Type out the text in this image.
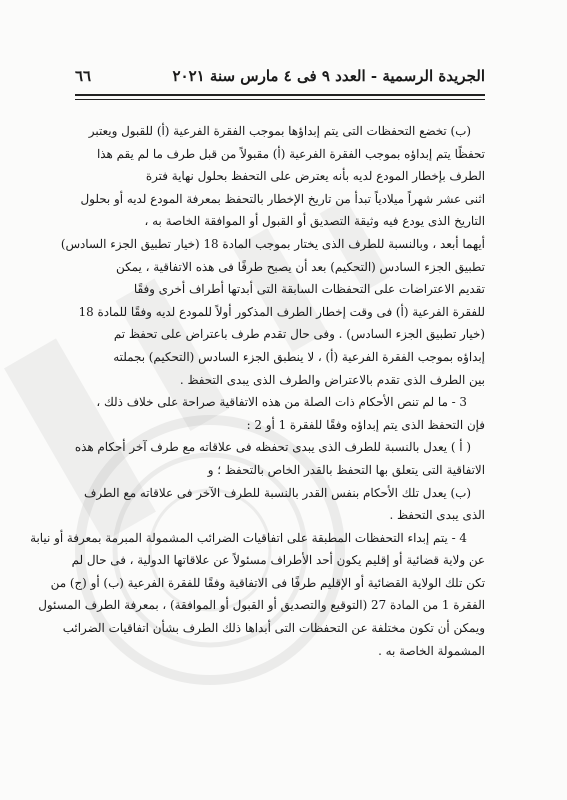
الجريدة الرسمية - العدد ٩ فى ٤ مارس سنة ٢٠٢١
٦٦
(ب) تخضع التحفظات التى يتم إبداؤها بموجب الفقرة الفرعية (أ) للقبول ويعتبر
تحفظًا يتم إبداؤه بموجب الفقرة الفرعية (أ) مقبولاً من قبل طرف ما لم يقم هذا
الطرف بإخطار المودع لديه بأنه يعترض على التحفظ بحلول نهاية فترة
اثنى عشر شهراً ميلادياً تبدأ من تاريخ الإخطار بالتحفظ بمعرفة المودع لديه أو بحلول
التاريخ الذى يودع فيه وثيقة التصديق أو القبول أو الموافقة الخاصة به ،
أيهما أبعد ، وبالنسبة للطرف الذى يختار بموجب المادة 18 (خيار تطبيق الجزء السادس)
تطبيق الجزء السادس (التحكيم) بعد أن يصبح طرفًا فى هذه الاتفاقية ، يمكن
تقديم الاعتراضات على التحفظات السابقة التى أبدتها أطراف أخرى وفقًا
للفقرة الفرعية (أ) فى وقت إخطار الطرف المذكور أولاً للمودع لديه وفقًا للمادة 18
(خيار تطبيق الجزء السادس) . وفى حال تقدم طرف باعتراض على تحفظ تم
إبداؤه بموجب الفقرة الفرعية (أ) ، لا ينطبق الجزء السادس (التحكيم) بجملته
بين الطرف الذى تقدم بالاعتراض والطرف الذى يبدى التحفظ .
3 - ما لم تنص الأحكام ذات الصلة من هذه الاتفاقية صراحة على خلاف ذلك ،
فإن التحفظ الذى يتم إبداؤه وفقًا للفقرة 1 أو 2 :
( أ ) يعدل بالنسبة للطرف الذى يبدى تحفظه فى علاقاته مع طرف آخر أحكام هذه
الاتفاقية التى يتعلق بها التحفظ بالقدر الخاص بالتحفظ ؛ و
(ب) يعدل تلك الأحكام بنفس القدر بالنسبة للطرف الآخر فى علاقاته مع الطرف
الذى يبدى التحفظ .
4 - يتم إبداء التحفظات المطبقة على اتفاقيات الضرائب المشمولة المبرمة بمعرفة أو نيابة
عن ولاية قضائية أو إقليم يكون أحد الأطراف مسئولاً عن علاقاتها الدولية ، فى حال لم
تكن تلك الولاية القضائية أو الإقليم طرفًا فى الاتفاقية وفقًا للفقرة الفرعية (ب) أو (ج) من
الفقرة 1 من المادة 27 (التوقيع والتصديق أو القبول أو الموافقة) ، بمعرفة الطرف المسئول
ويمكن أن تكون مختلفة عن التحفظات التى أبداها ذلك الطرف بشأن اتفاقيات الضرائب
المشمولة الخاصة به .
